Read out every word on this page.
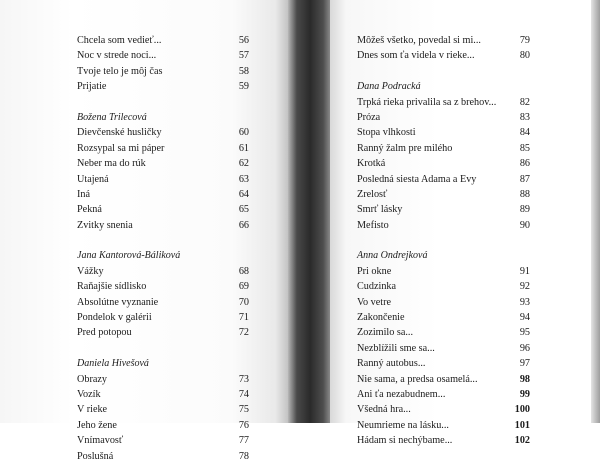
Chcela som vedieť...	56
Noc v strede noci...	57
Tvoje telo je môj čas	58
Prijatie	59
Božena Trilecová
Dievčenské husličky	60
Rozsypal sa mi páper	61
Neber ma do rúk	62
Utajená	63
Iná	64
Pekná	65
Zvitky snenia	66
Jana Kantorová-Báliková
Vážky	68
Raňajšie sídlisko	69
Absolútne vyznanie	70
Pondelok v galérii	71
Pred potopou	72
Daniela Hivešová
Obrazy	73
Vozík	74
V rieke	75
Jeho žene	76
Vnímavosť	77
Poslušná	78
Môžeš všetko, povedal si mi...	79
Dnes som ťa videla v rieke...	80
Dana Podracká
Trpká rieka privalila sa z brehov... 82
Próza	83
Stopa vlhkosti	84
Ranný žalm pre milého	85
Krotká	86
Posledná siesta Adama a Evy	87
Zrelosť	88
Smrť lásky	89
Mefisto	90
Anna Ondrejková
Pri okne	91
Cudzinka	92
Vo vetre	93
Zakončenie	94
Zozimilo sa...	95
Nezblížili sme sa...	96
Ranný autobus...	97
Nie sama, a predsa osamelá...	98
Ani ťa nezabudnem...	99
Všedná hra...	100
Neumrieme na lásku...	101
Hádam si nechýbame...	102
